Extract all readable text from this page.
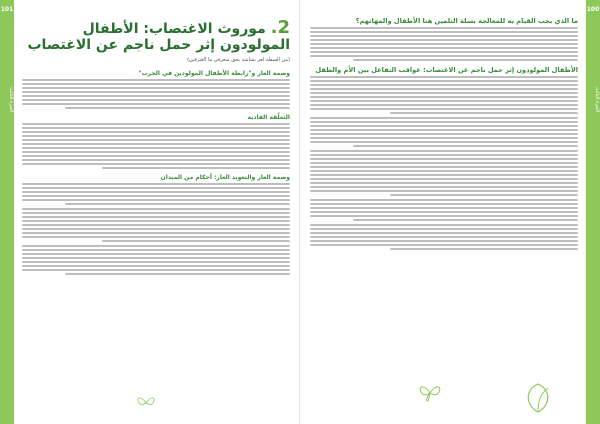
101
الجزء الثالث
2. موروث الاغتصاب: الأطفال
المولودون إثر حمل ناجم عن الاغتصاب
(من السفلة لعز نشاشة بحق منعرفي ما الغترفين)
وصمة العار و"رابطة الأطفال المولودين في الحرب"
التعلّقة الفادية
وصمة العار والتعويد العار: أحكام من الميدان
100
الجزء الثالث
ما الذي يجب القيام به للمعالجة بسلة التلمين هتا الأطفال والمهاتهم؟
الأطفال المولودون إثر حمل ناجم عن الاغتصاب: عواقب التفاعل بين الأم والطفل
